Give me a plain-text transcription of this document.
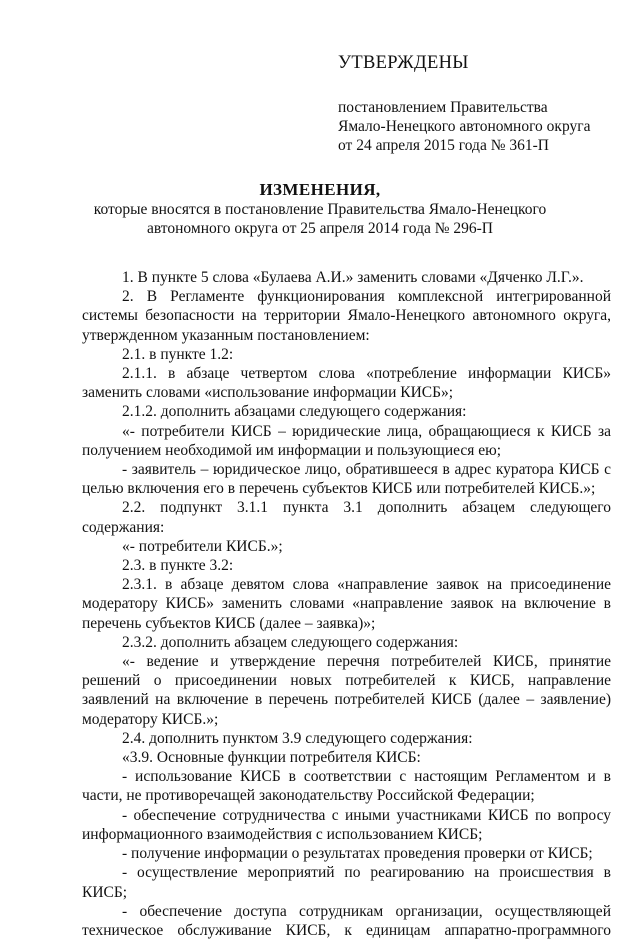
УТВЕРЖДЕНЫ
постановлением Правительства
Ямало-Ненецкого автономного округа
от 24 апреля 2015 года № 361-П
ИЗМЕНЕНИЯ,
которые вносятся в постановление Правительства Ямало-Ненецкого
автономного округа от 25 апреля 2014 года № 296-П

1. В пункте 5 слова «Булаева А.И.» заменить словами «Дяченко Л.Г.».

2. В Регламенте функционирования комплексной интегрированной системы безопасности на территории Ямало-Ненецкого автономного округа, утвержденном указанным постановлением:

2.1. в пункте 1.2:

2.1.1. в абзаце четвертом слова «потребление информации КИСБ» заменить словами «использование информации КИСБ»;

2.1.2. дополнить абзацами следующего содержания:

«- потребители КИСБ – юридические лица, обращающиеся к КИСБ за получением необходимой им информации и пользующиеся ею;

- заявитель – юридическое лицо, обратившееся в адрес куратора КИСБ с целью включения его в перечень субъектов КИСБ или потребителей КИСБ.»;

2.2. подпункт 3.1.1 пункта 3.1 дополнить абзацем следующего содержания:

«- потребители КИСБ.»;

2.3. в пункте 3.2:

2.3.1. в абзаце девятом слова «направление заявок на присоединение модератору КИСБ» заменить словами «направление заявок на включение в перечень субъектов КИСБ (далее – заявка)»;

2.3.2. дополнить абзацем следующего содержания:

«- ведение и утверждение перечня потребителей КИСБ, принятие решений о присоединении новых потребителей к КИСБ, направление заявлений на включение в перечень потребителей КИСБ (далее – заявление) модератору КИСБ.»;

2.4. дополнить пунктом 3.9 следующего содержания:

«3.9. Основные функции потребителя КИСБ:

- использование КИСБ в соответствии с настоящим Регламентом и в части, не противоречащей законодательству Российской Федерации;

- обеспечение сотрудничества с иными участниками КИСБ по вопросу информационного взаимодействия с использованием КИСБ;

- получение информации о результатах проведения проверки от КИСБ;

- осуществление мероприятий по реагированию на происшествия в КИСБ;

- обеспечение доступа сотрудникам организации, осуществляющей техническое обслуживание КИСБ, к единицам аппаратно-программного
